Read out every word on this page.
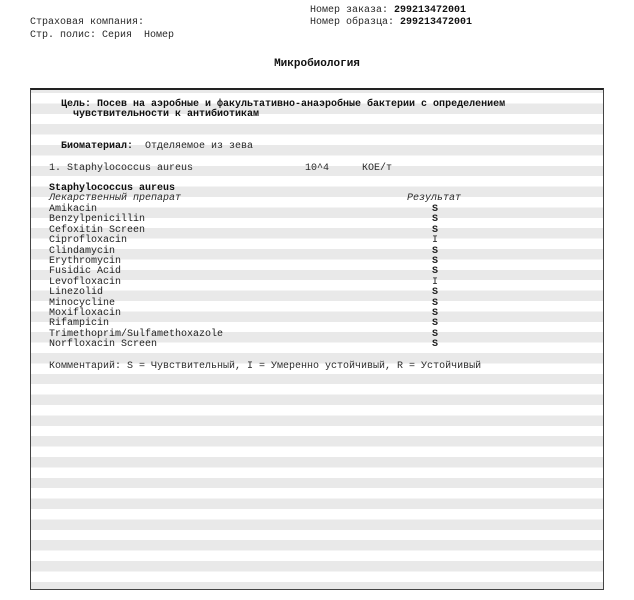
Номер заказа: 299213472001
Страховая компания:	Номер образца: 299213472001
Стр. полис: Серия  Номер
Микробиология
Цель: Посев на аэробные и факультативно-анаэробные бактерии с определением
чувствительности к антибиотикам
Биоматериал: Отделяемое из зева
1. Staphylococcus aureus	10^4	КОЕ/т
Staphylococcus aureus
Лекарственный препарат	Результат
Amikacin	S
Benzylpenicillin	S
Cefoxitin Screen	S
Ciprofloxacin	I
Clindamycin	S
Erythromycin	S
Fusidic Acid	S
Levofloxacin	I
Linezolid	S
Minocycline	S
Moxifloxacin	S
Rifampicin	S
Trimethoprim/Sulfamethoxazole	S
Norfloxacin Screen	S
Комментарий: S = Чувствительный, I = Умеренно устойчивый, R = Устойчивый
